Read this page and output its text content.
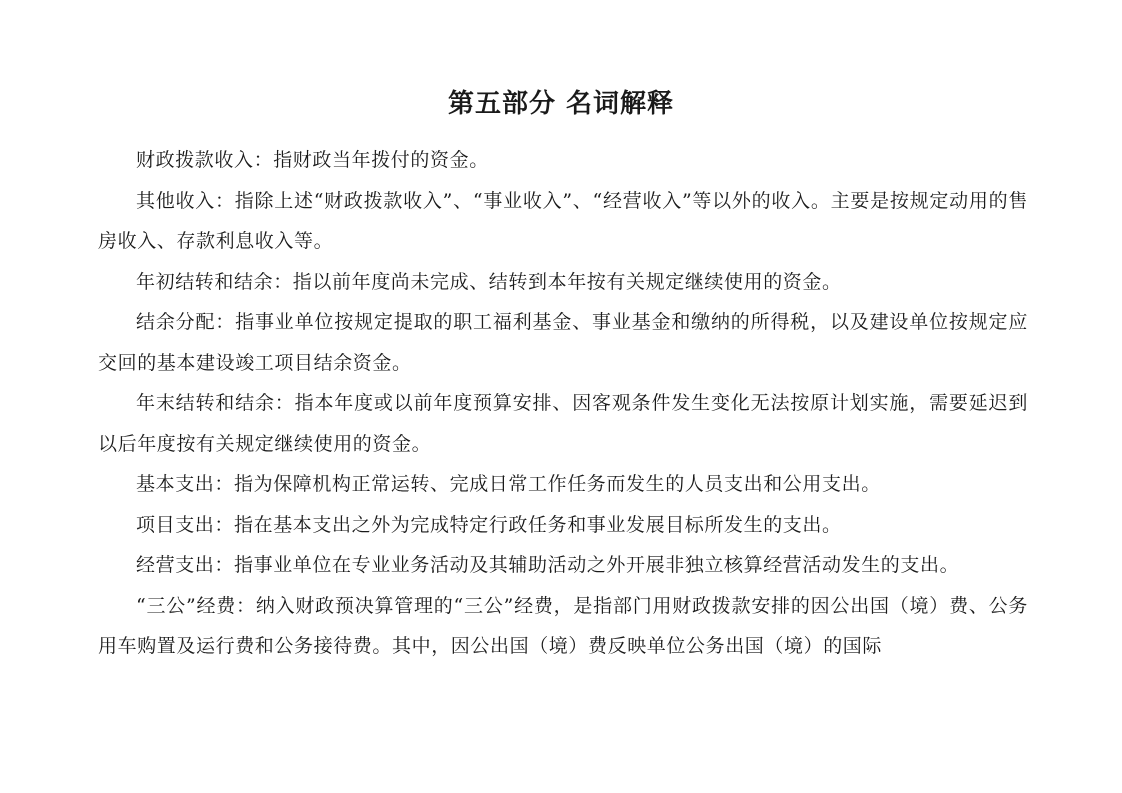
第五部分 名词解释

财政拨款收入：指财政当年拨付的资金。

其他收入：指除上述“财政拨款收入”、“事业收入”、“经营收入”等以外的收入。主要是按规定动用的售房收入、存款利息收入等。

年初结转和结余：指以前年度尚未完成、结转到本年按有关规定继续使用的资金。

结余分配：指事业单位按规定提取的职工福利基金、事业基金和缴纳的所得税，以及建设单位按规定应交回的基本建设竣工项目结余资金。

年末结转和结余：指本年度或以前年度预算安排、因客观条件发生变化无法按原计划实施，需要延迟到以后年度按有关规定继续使用的资金。

基本支出：指为保障机构正常运转、完成日常工作任务而发生的人员支出和公用支出。

项目支出：指在基本支出之外为完成特定行政任务和事业发展目标所发生的支出。

经营支出：指事业单位在专业业务活动及其辅助活动之外开展非独立核算经营活动发生的支出。

“三公”经费：纳入财政预决算管理的“三公”经费，是指部门用财政拨款安排的因公出国（境）费、公务用车购置及运行费和公务接待费。其中，因公出国（境）费反映单位公务出国（境）的国际
